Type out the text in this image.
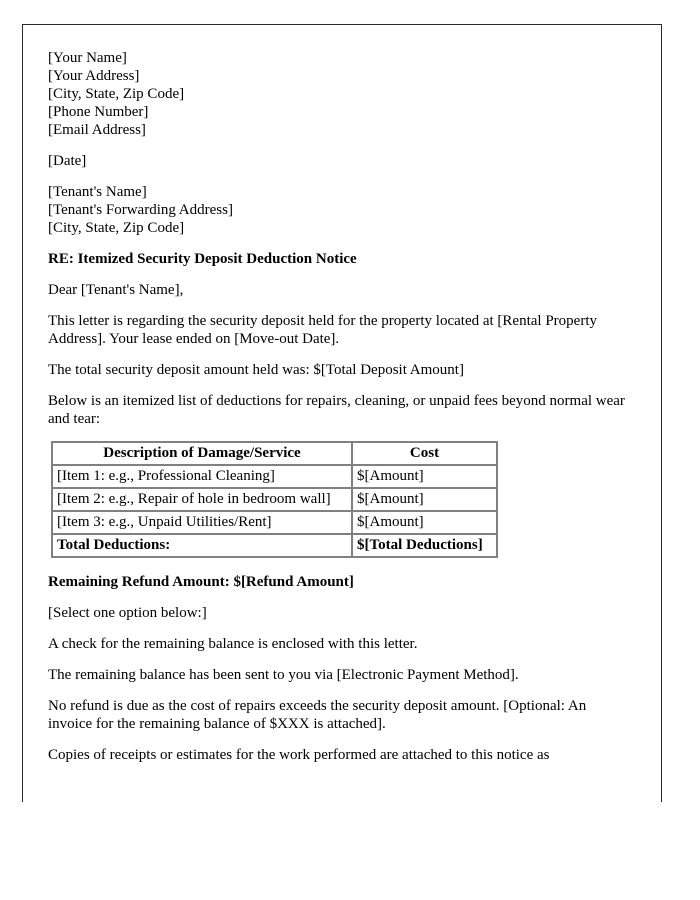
[Your Name]
[Your Address]
[City, State, Zip Code]
[Phone Number]
[Email Address]

[Date]

[Tenant's Name]
[Tenant's Forwarding Address]
[City, State, Zip Code]

RE: Itemized Security Deposit Deduction Notice

Dear [Tenant's Name],

This letter is regarding the security deposit held for the property located at [Rental Property Address]. Your lease ended on [Move-out Date].

The total security deposit amount held was: $[Total Deposit Amount]

Below is an itemized list of deductions for repairs, cleaning, or unpaid fees beyond normal wear and tear:

Description of Damage/Service	Cost
[Item 1: e.g., Professional Cleaning]	$[Amount]
[Item 2: e.g., Repair of hole in bedroom wall]	$[Amount]
[Item 3: e.g., Unpaid Utilities/Rent]	$[Amount]
Total Deductions:	$[Total Deductions]

Remaining Refund Amount: $[Refund Amount]

[Select one option below:]

A check for the remaining balance is enclosed with this letter.

The remaining balance has been sent to you via [Electronic Payment Method].

No refund is due as the cost of repairs exceeds the security deposit amount. [Optional: An invoice for the remaining balance of $XXX is attached].

Copies of receipts or estimates for the work performed are attached to this notice as
